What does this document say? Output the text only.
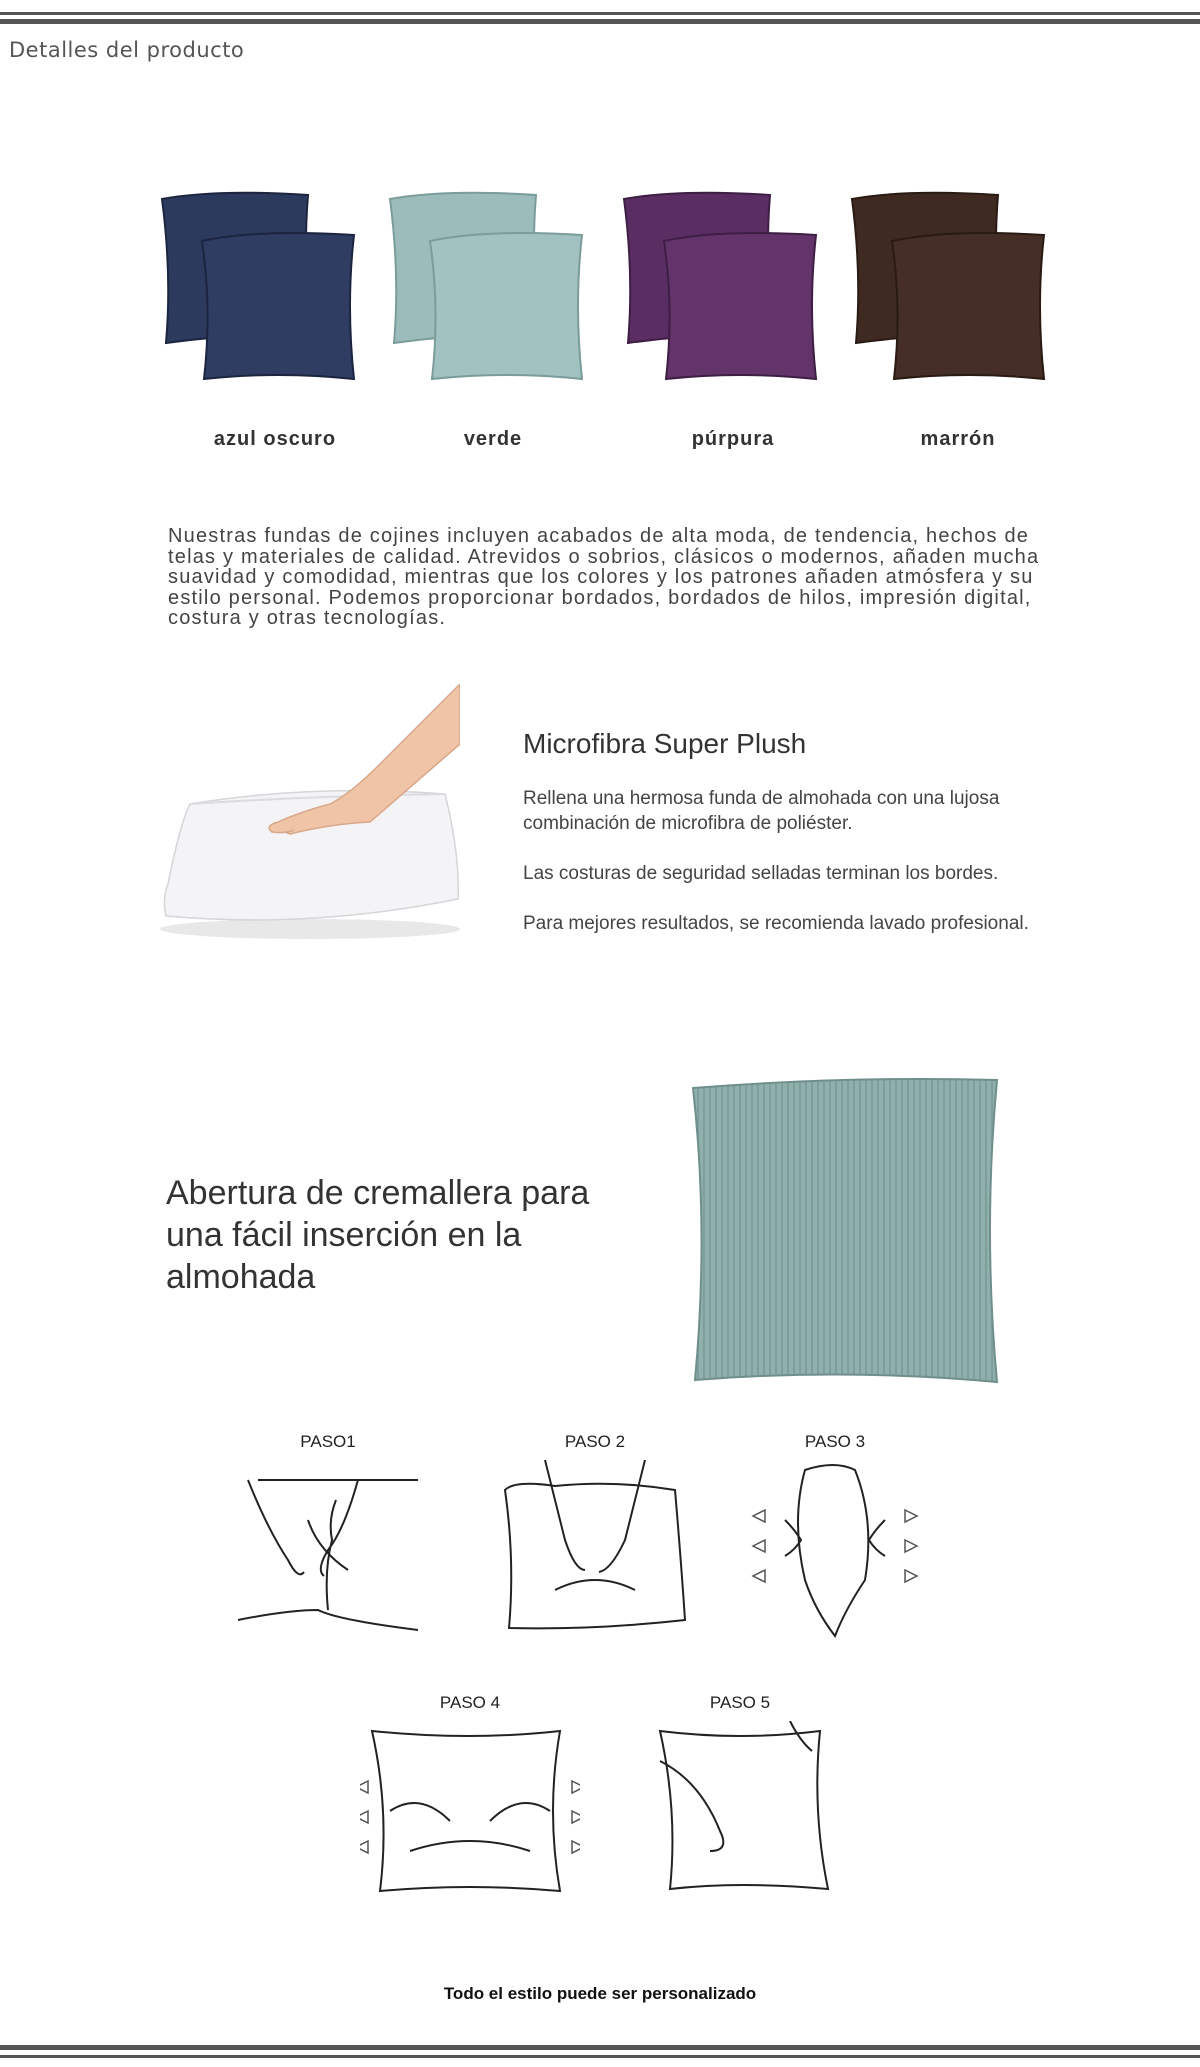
Detalles del producto
azul oscuro	verde	púrpura	marrón
Nuestras fundas de cojines incluyen acabados de alta moda, de tendencia, hechos de telas y materiales de calidad. Atrevidos o sobrios, clásicos o modernos, añaden mucha suavidad y comodidad, mientras que los colores y los patrones añaden atmósfera y su estilo personal. Podemos proporcionar bordados, bordados de hilos, impresión digital, costura y otras tecnologías.
Microfibra Super Plush
Rellena una hermosa funda de almohada con una lujosa combinación de microfibra de poliéster.
Las costuras de seguridad selladas terminan los bordes.
Para mejores resultados, se recomienda lavado profesional.
Abertura de cremallera para una fácil inserción en la almohada
PASO1	PASO 2	PASO 3
PASO 4	PASO 5
Todo el estilo puede ser personalizado
